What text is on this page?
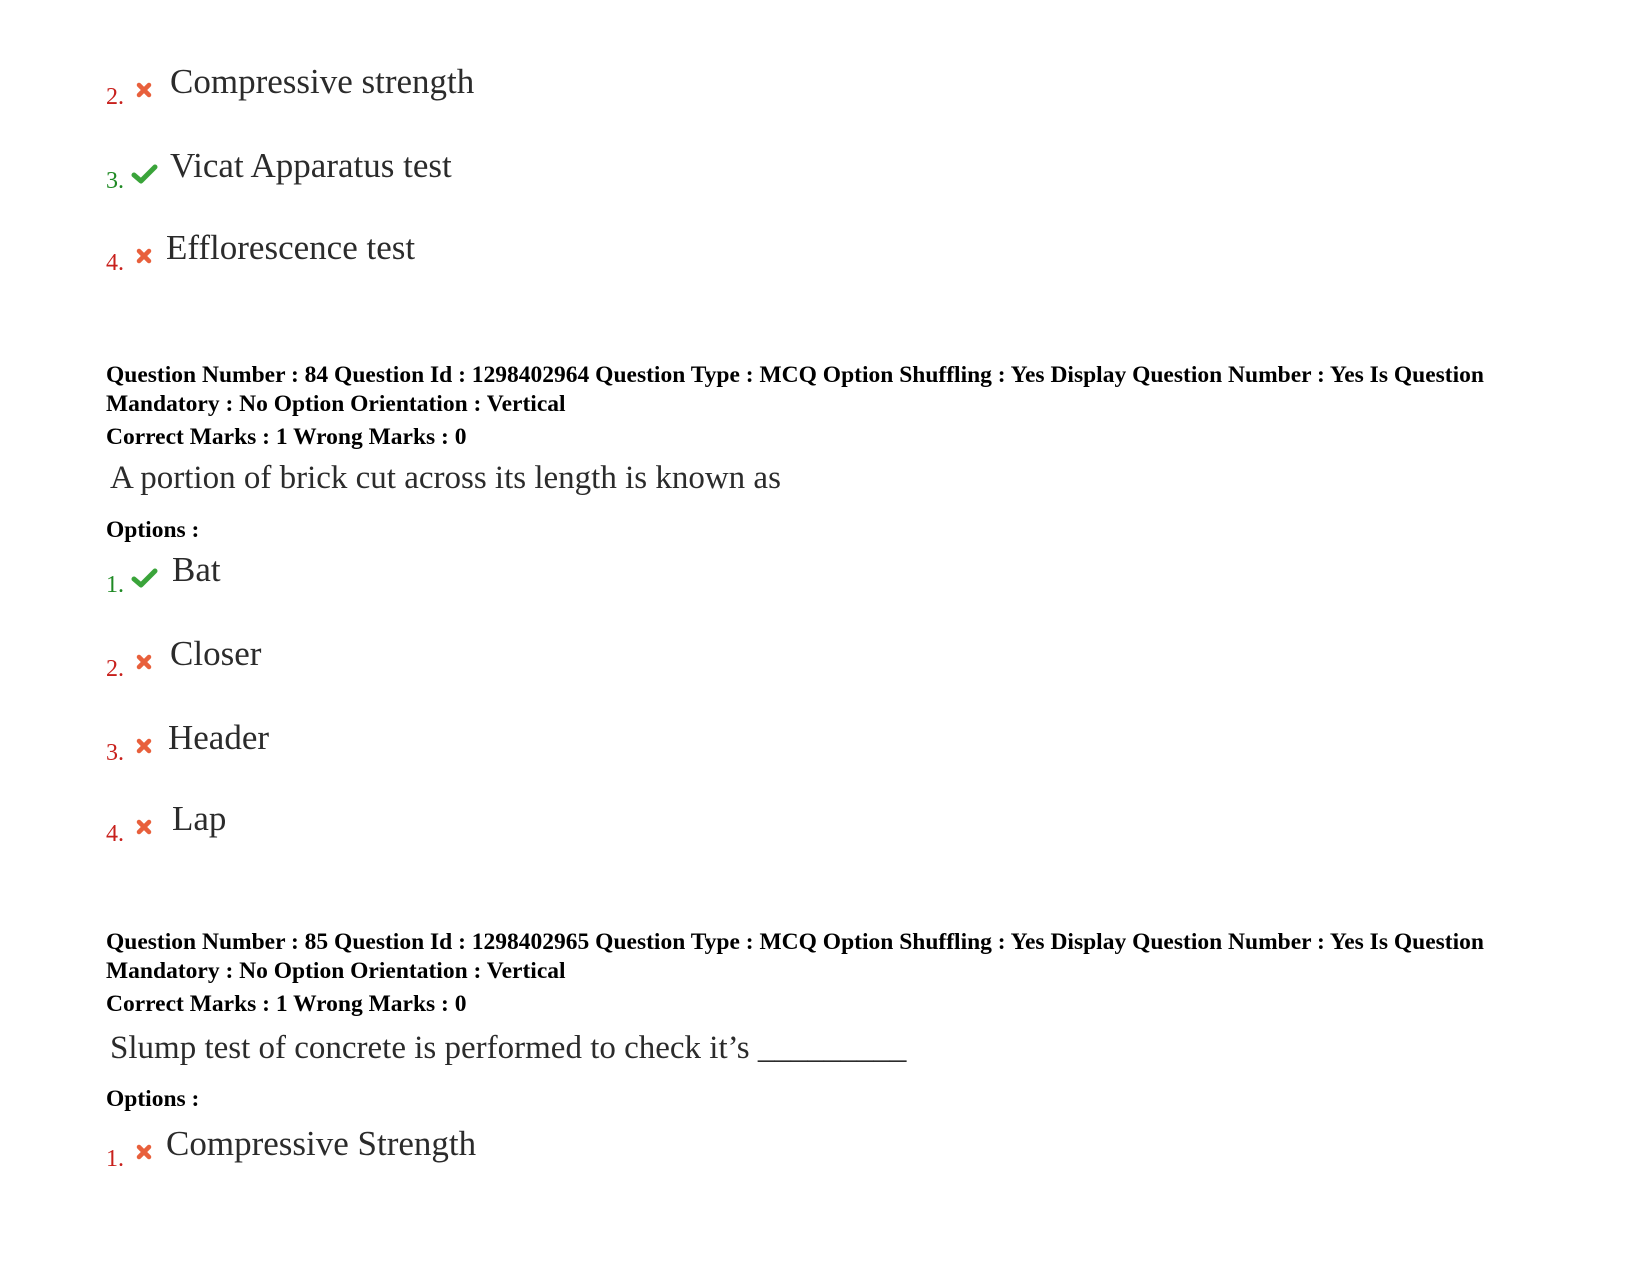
2. Compressive strength
3. Vicat Apparatus test
4. Efflorescence test
Question Number : 84 Question Id : 1298402964 Question Type : MCQ Option Shuffling : Yes Display Question Number : Yes Is Question Mandatory : No Option Orientation : Vertical
Correct Marks : 1 Wrong Marks : 0
A portion of brick cut across its length is known as
Options :
1. Bat
2. Closer
3. Header
4. Lap
Question Number : 85 Question Id : 1298402965 Question Type : MCQ Option Shuffling : Yes Display Question Number : Yes Is Question Mandatory : No Option Orientation : Vertical
Correct Marks : 1 Wrong Marks : 0
Slump test of concrete is performed to check it’s _________
Options :
1. Compressive Strength
